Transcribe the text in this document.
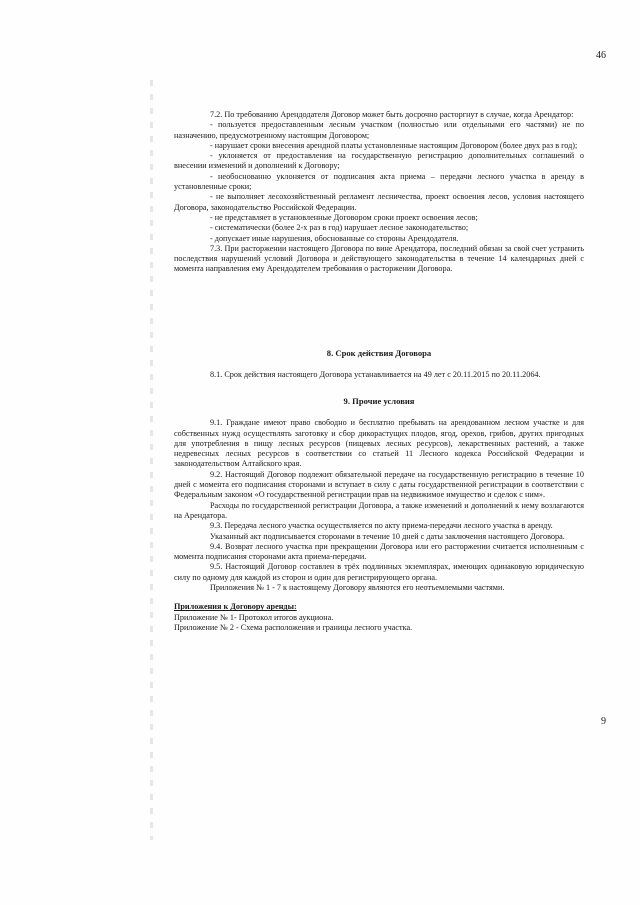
46

7.2. По требованию Арендодателя Договор может быть досрочно расторгнут в случае, когда Арендатор:

- пользуется предоставленным лесным участком (полностью или отдельными его частями) не по назначению, предусмотренному настоящим Договором;

- нарушает сроки внесения арендной платы установленные настоящим Договором (более двух раз в год);

- уклоняется от предоставления на государственную регистрацию дополнительных соглашений о внесении изменений и дополнений к Договору;

- необоснованно уклоняется от подписания акта приема – передачи лесного участка в аренду в установленные сроки;

- не выполняет лесохозяйственный регламент лесничества, проект освоения лесов, условия настоящего Договора, законодательство Российской Федерации.

- не представляет в установленные Договором сроки проект освоения лесов;

- систематически (более 2-х раз в год) нарушает лесное законодательство;

- допускает иные нарушения, обоснованные со стороны Арендодателя.

7.3. При расторжении настоящего Договора по вине Арендатора, последний обязан за свой счет устранить последствия нарушений условий Договора и действующего законодательства в течение 14 календарных дней с момента направления ему Арендодателем требования о расторжении Договора.

8. Срок действия Договора

8.1. Срок действия настоящего Договора устанавливается на 49 лет с 20.11.2015 по 20.11.2064.

9. Прочие условия

9.1. Граждане имеют право свободно и бесплатно пребывать на арендованном лесном участке и для собственных нужд осуществлять заготовку и сбор дикорастущих плодов, ягод, орехов, грибов, других пригодных для употребления в пищу лесных ресурсов (пищевых лесных ресурсов), лекарственных растений, а также недревесных лесных ресурсов в соответствии со статьей 11 Лесного кодекса Российской Федерации и законодательством Алтайского края.

9.2. Настоящий Договор подлежит обязательной передаче на государственную регистрацию в течение 10 дней с момента его подписания сторонами и вступает в силу с даты государственной регистрации в соответствии с Федеральным законом «О государственной регистрации прав на недвижимое имущество и сделок с ним».

Расходы по государственной регистрации Договора, а также изменений и дополнений к нему возлагаются на Арендатора.

9.3. Передача лесного участка осуществляется по акту приема-передачи лесного участка в аренду.

Указанный акт подписывается сторонами в течение 10 дней с даты заключения настоящего Договора.

9.4. Возврат лесного участка при прекращении Договора или его расторжении считается исполненным с момента подписания сторонами акта приема-передачи.

9.5. Настоящий Договор составлен в трёх подлинных экземплярах, имеющих одинаковую юридическую силу по одному для каждой из сторон и один для регистрирующего органа.

Приложения № 1 - 7 к настоящему Договору являются его неотъемлемыми частями.

Приложения к Договору аренды:

Приложение № 1- Протокол итогов аукциона.

Приложение № 2 - Схема расположения и границы лесного участка.

9
